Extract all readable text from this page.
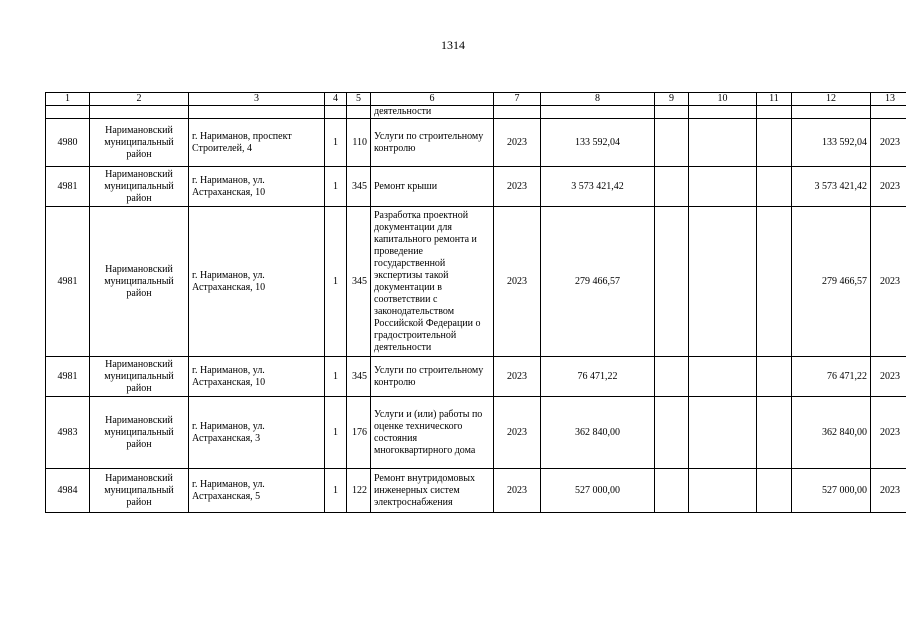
1314
1	2	3	4	5	6	7	8	9	10	11	12	13
					деятельности							
4980	Наримановский муниципальный район	г. Нариманов, проспект Строителей, 4	1	110	Услуги по строительному контролю	2023	133 592,04				133 592,04	2023
4981	Наримановский муниципальный район	г. Нариманов, ул. Астраханская, 10	1	345	Ремонт крыши	2023	3 573 421,42				3 573 421,42	2023
4981	Наримановский муниципальный район	г. Нариманов, ул. Астраханская, 10	1	345	Разработка проектной документации для капитального ремонта и проведение государственной экспертизы такой документации в соответствии с законодательством Российской Федерации о градостроительной деятельности	2023	279 466,57				279 466,57	2023
4981	Наримановский муниципальный район	г. Нариманов, ул. Астраханская, 10	1	345	Услуги по строительному контролю	2023	76 471,22				76 471,22	2023
4983	Наримановский муниципальный район	г. Нариманов, ул. Астраханская, 3	1	176	Услуги и (или) работы по оценке технического состояния многоквартирного дома	2023	362 840,00				362 840,00	2023
4984	Наримановский муниципальный район	г. Нариманов, ул. Астраханская, 5	1	122	Ремонт внутридомовых инженерных систем электроснабжения	2023	527 000,00				527 000,00	2023
